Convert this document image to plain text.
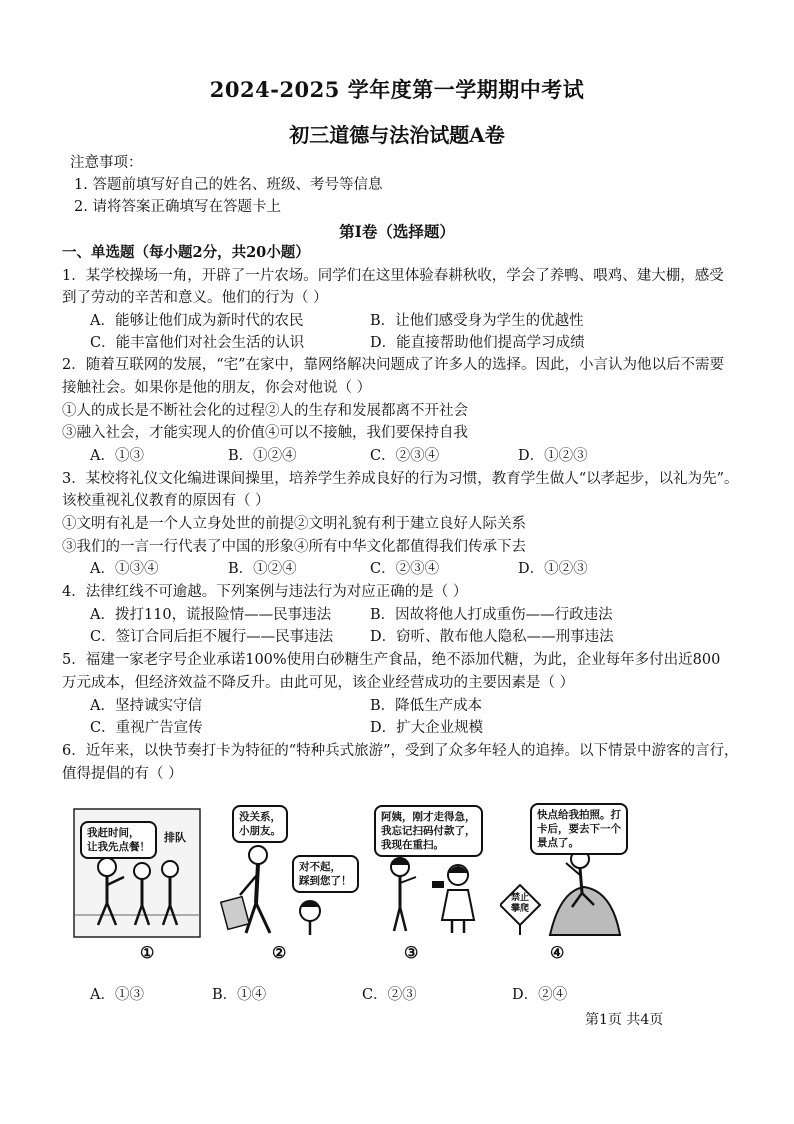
2024-2025 学年度第一学期期中考试
初三道德与法治试题A卷
注意事项：
1. 答题前填写好自己的姓名、班级、考号等信息
2. 请将答案正确填写在答题卡上
第Ⅰ卷（选择题）
一、单选题（每小题2分，共20小题）
1．某学校操场一角，开辟了一片农场。同学们在这里体验春耕秋收，学会了养鸭、喂鸡、建大棚，感受
到了劳动的辛苦和意义。他们的行为（ ）
A．能够让他们成为新时代的农民	B．让他们感受身为学生的优越性
C．能丰富他们对社会生活的认识	D．能直接帮助他们提高学习成绩
2．随着互联网的发展，“宅”在家中，靠网络解决问题成了许多人的选择。因此，小言认为他以后不需要
接触社会。如果你是他的朋友，你会对他说（ ）
①人的成长是不断社会化的过程②人的生存和发展都离不开社会
③融入社会，才能实现人的价值④可以不接触，我们要保持自我
A．①③	B．①②④	C．②③④	D．①②③
3．某校将礼仪文化编进课间操里，培养学生养成良好的行为习惯，教育学生做人“以孝起步，以礼为先”。
该校重视礼仪教育的原因有（ ）
①文明有礼是一个人立身处世的前提②文明礼貌有利于建立良好人际关系
③我们的一言一行代表了中国的形象④所有中华文化都值得我们传承下去
A．①③④	B．①②④	C．②③④	D．①②③
4．法律红线不可逾越。下列案例与违法行为对应正确的是（ ）
A．拨打110，谎报险情——民事违法	B．因故将他人打成重伤——行政违法
C．签订合同后拒不履行——民事违法	D．窃听、散布他人隐私——刑事违法
5．福建一家老字号企业承诺100%使用白砂糖生产食品，绝不添加代糖，为此，企业每年多付出近800
万元成本，但经济效益不降反升。由此可见，该企业经营成功的主要因素是（ ）
A．坚持诚实守信	B．降低生产成本
C．重视广告宣传	D．扩大企业规模
6．近年来，以快节奏打卡为特征的“特种兵式旅游”，受到了众多年轻人的追捧。以下情景中游客的言行，
值得提倡的有（ ）
我赶时间，
让我先点餐！
排队
①
没关系，
小朋友。
对不起，
踩到您了！
②
阿姨，刚才走得急，
我忘记扫码付款了，
我现在重扫。
③
快点给我拍照。打
卡后，要去下一个
景点了。
禁止
攀爬
④
A．①③	B．①④	C．②③	D．②④
第1页 共4页
